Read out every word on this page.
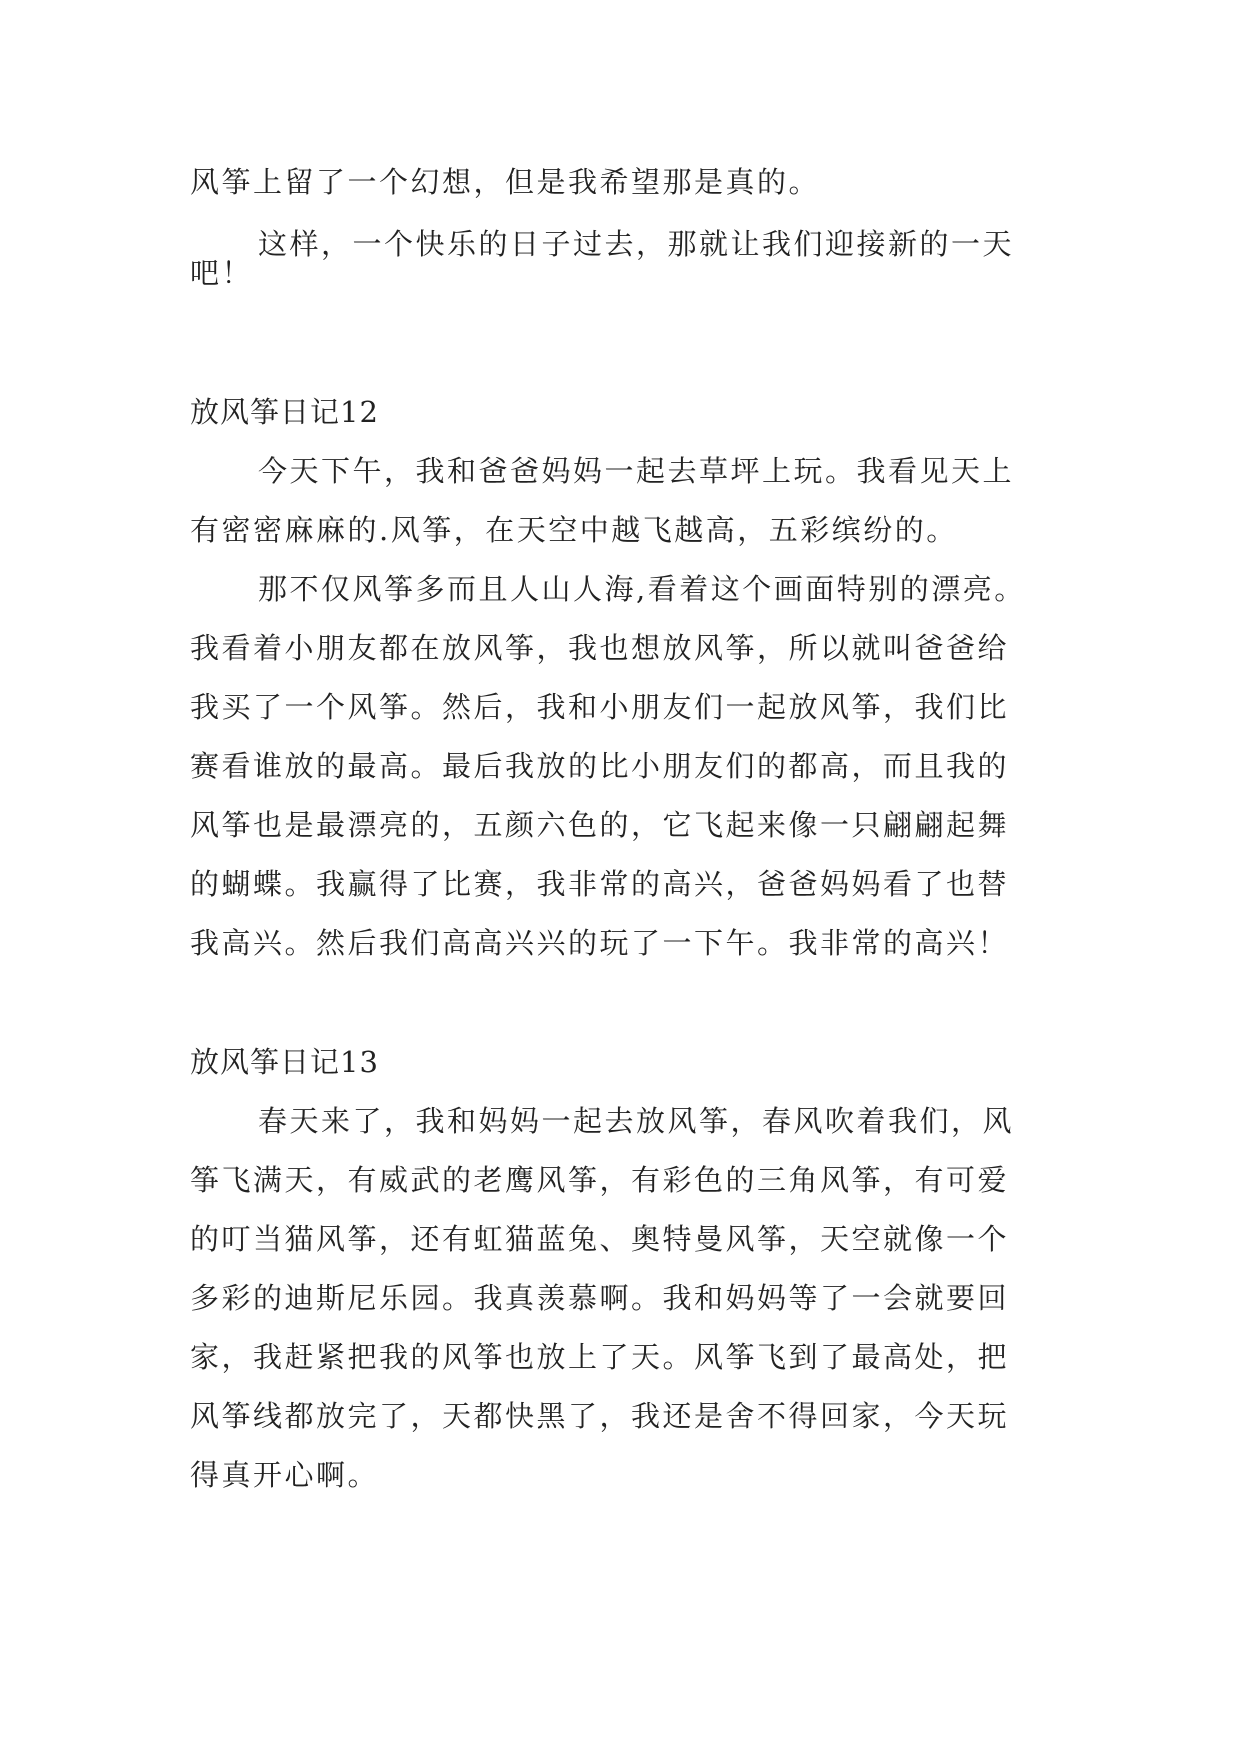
风筝上留了一个幻想，但是我希望那是真的。
这样，一个快乐的日子过去，那就让我们迎接新的一天
吧！
放风筝日记12
今天下午，我和爸爸妈妈一起去草坪上玩。我看见天上
有密密麻麻的.风筝，在天空中越飞越高，五彩缤纷的。
那不仅风筝多而且人山人海,看着这个画面特别的漂亮。
我看着小朋友都在放风筝，我也想放风筝，所以就叫爸爸给
我买了一个风筝。然后，我和小朋友们一起放风筝，我们比
赛看谁放的最高。最后我放的比小朋友们的都高，而且我的
风筝也是最漂亮的，五颜六色的，它飞起来像一只翩翩起舞
的蝴蝶。我赢得了比赛，我非常的高兴，爸爸妈妈看了也替
我高兴。然后我们高高兴兴的玩了一下午。我非常的高兴！
放风筝日记13
春天来了，我和妈妈一起去放风筝，春风吹着我们，风
筝飞满天，有威武的老鹰风筝，有彩色的三角风筝，有可爱
的叮当猫风筝，还有虹猫蓝兔、奥特曼风筝，天空就像一个
多彩的迪斯尼乐园。我真羡慕啊。我和妈妈等了一会就要回
家，我赶紧把我的风筝也放上了天。风筝飞到了最高处，把
风筝线都放完了，天都快黑了，我还是舍不得回家，今天玩
得真开心啊。
